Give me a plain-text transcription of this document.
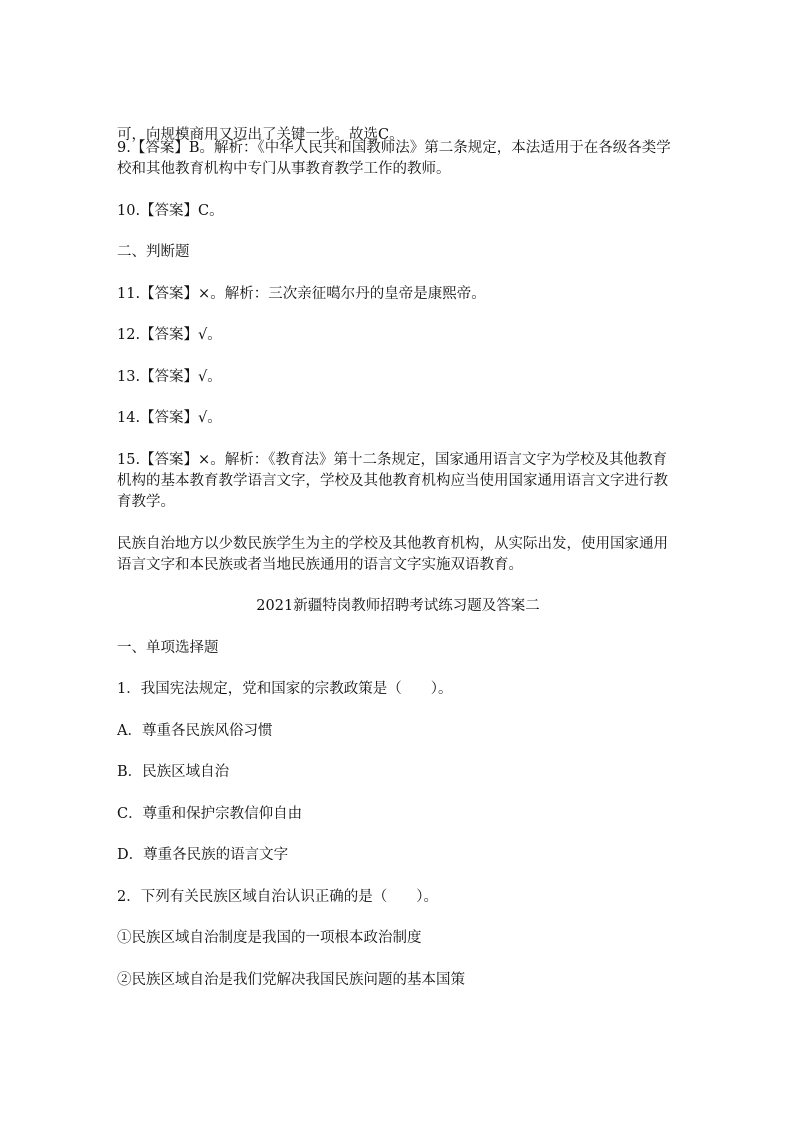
可，向规模商用又迈出了关键一步。故选C。

9.【答案】B。解析：《中华人民共和国教师法》第二条规定，本法适用于在各级各类学校和其他教育机构中专门从事教育教学工作的教师。

10.【答案】C。

二、判断题

11.【答案】×。解析：三次亲征噶尔丹的皇帝是康熙帝。

12.【答案】√。

13.【答案】√。

14.【答案】√。

15.【答案】×。解析：《教育法》第十二条规定，国家通用语言文字为学校及其他教育机构的基本教育教学语言文字，学校及其他教育机构应当使用国家通用语言文字进行教育教学。

民族自治地方以少数民族学生为主的学校及其他教育机构，从实际出发，使用国家通用语言文字和本民族或者当地民族通用的语言文字实施双语教育。

2021新疆特岗教师招聘考试练习题及答案二

一、单项选择题

1．我国宪法规定，党和国家的宗教政策是（　　）。

A．尊重各民族风俗习惯

B．民族区域自治

C．尊重和保护宗教信仰自由

D．尊重各民族的语言文字

2．下列有关民族区域自治认识正确的是（　　）。

①民族区域自治制度是我国的一项根本政治制度

②民族区域自治是我们党解决我国民族问题的基本国策
